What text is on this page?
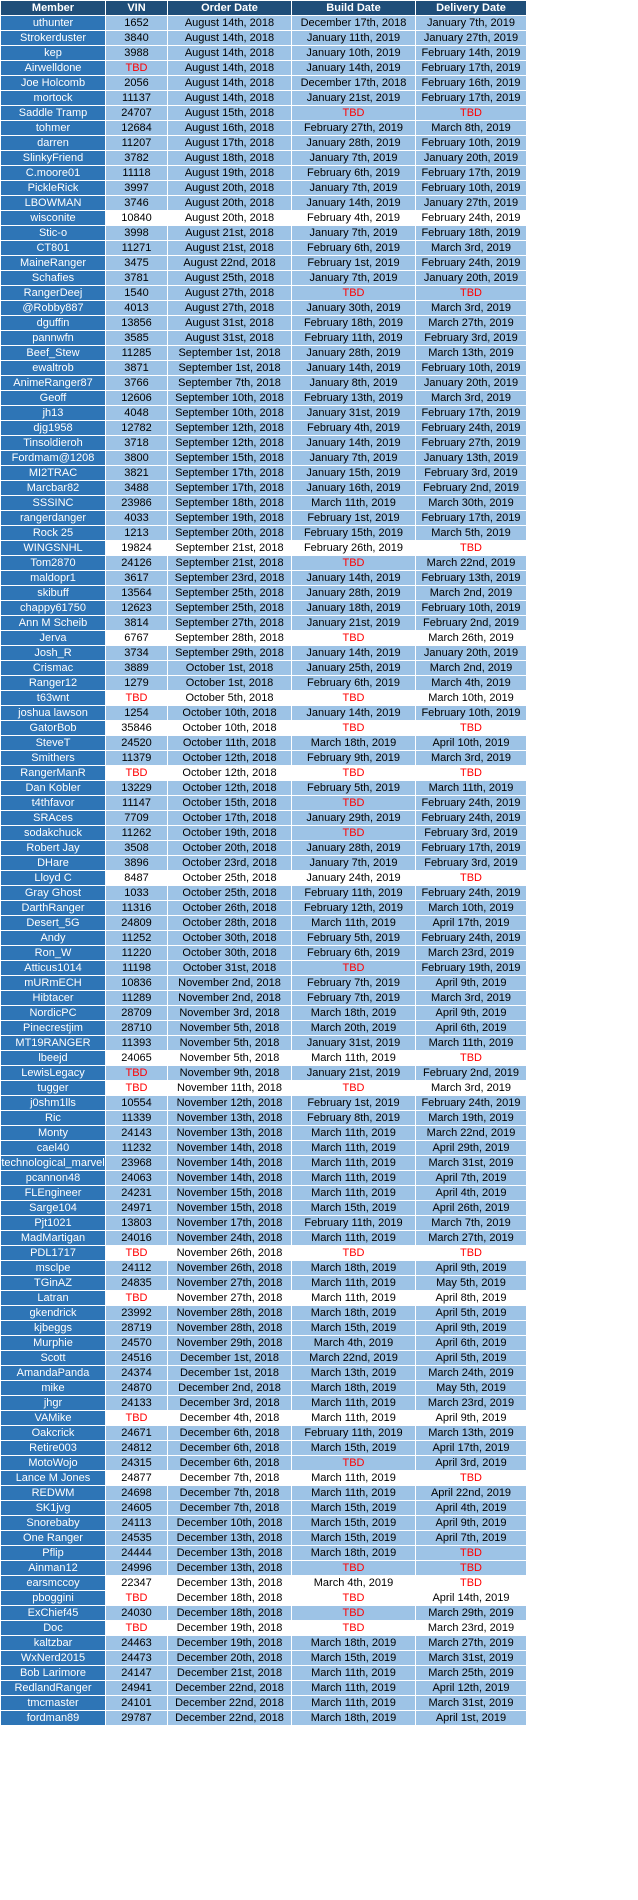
Member	VIN	Order Date	Build Date	Delivery Date
uthunter	1652	August 14th, 2018	December 17th, 2018	January 7th, 2019
Strokerduster	3840	August 14th, 2018	January 11th, 2019	January 27th, 2019
kep	3988	August 14th, 2018	January 10th, 2019	February 14th, 2019
Airwelldone	TBD	August 14th, 2018	January 14th, 2019	February 17th, 2019
Joe Holcomb	2056	August 14th, 2018	December 17th, 2018	February 16th, 2019
mortock	11137	August 14th, 2018	January 21st, 2019	February 17th, 2019
Saddle Tramp	24707	August 15th, 2018	TBD	TBD
tohmer	12684	August 16th, 2018	February 27th, 2019	March 8th, 2019
darren	11207	August 17th, 2018	January 28th, 2019	February 10th, 2019
SlinkyFriend	3782	August 18th, 2018	January 7th, 2019	January 20th, 2019
C.moore01	11118	August 19th, 2018	February 6th, 2019	February 17th, 2019
PickleRick	3997	August 20th, 2018	January 7th, 2019	February 10th, 2019
LBOWMAN	3746	August 20th, 2018	January 14th, 2019	January 27th, 2019
wisconite	10840	August 20th, 2018	February 4th, 2019	February 24th, 2019
Stic-o	3998	August 21st, 2018	January 7th, 2019	February 18th, 2019
CT801	11271	August 21st, 2018	February 6th, 2019	March 3rd, 2019
MaineRanger	3475	August 22nd, 2018	February 1st, 2019	February 24th, 2019
Schafies	3781	August 25th, 2018	January 7th, 2019	January 20th, 2019
RangerDeej	1540	August 27th, 2018	TBD	TBD
@Robby887	4013	August 27th, 2018	January 30th, 2019	March 3rd, 2019
dguffin	13856	August 31st, 2018	February 18th, 2019	March 27th, 2019
pannwfn	3585	August 31st, 2018	February 11th, 2019	February 3rd, 2019
Beef_Stew	11285	September 1st, 2018	January 28th, 2019	March 13th, 2019
ewaltrob	3871	September 1st, 2018	January 14th, 2019	February 10th, 2019
AnimeRanger87	3766	September 7th, 2018	January 8th, 2019	January 20th, 2019
Geoff	12606	September 10th, 2018	February 13th, 2019	March 3rd, 2019
jh13	4048	September 10th, 2018	January 31st, 2019	February 17th, 2019
djg1958	12782	September 12th, 2018	February 4th, 2019	February 24th, 2019
Tinsoldieroh	3718	September 12th, 2018	January 14th, 2019	February 27th, 2019
Fordmam@1208	3800	September 15th, 2018	January 7th, 2019	January 13th, 2019
MI2TRAC	3821	September 17th, 2018	January 15th, 2019	February 3rd, 2019
Marcbar82	3488	September 17th, 2018	January 16th, 2019	February 2nd, 2019
SSSINC	23986	September 18th, 2018	March 11th, 2019	March 30th, 2019
rangerdanger	4033	September 19th, 2018	February 1st, 2019	February 17th, 2019
Rock 25	1213	September 20th, 2018	February 15th, 2019	March 5th, 2019
WINGSNHL	19824	September 21st, 2018	February 26th, 2019	TBD
Tom2870	24126	September 21st, 2018	TBD	March 22nd, 2019
maldopr1	3617	September 23rd, 2018	January 14th, 2019	February 13th, 2019
skibuff	13564	September 25th, 2018	January 28th, 2019	March 2nd, 2019
chappy61750	12623	September 25th, 2018	January 18th, 2019	February 10th, 2019
Ann M Scheib	3814	September 27th, 2018	January 21st, 2019	February 2nd, 2019
Jerva	6767	September 28th, 2018	TBD	March 26th, 2019
Josh_R	3734	September 29th, 2018	January 14th, 2019	January 20th, 2019
Crismac	3889	October 1st, 2018	January 25th, 2019	March 2nd, 2019
Ranger12	1279	October 1st, 2018	February 6th, 2019	March 4th, 2019
t63wnt	TBD	October 5th, 2018	TBD	March 10th, 2019
joshua lawson	1254	October 10th, 2018	January 14th, 2019	February 10th, 2019
GatorBob	35846	October 10th, 2018	TBD	TBD
SteveT	24520	October 11th, 2018	March 18th, 2019	April 10th, 2019
Smithers	11379	October 12th, 2018	February 9th, 2019	March 3rd, 2019
RangerManR	TBD	October 12th, 2018	TBD	TBD
Dan Kobler	13229	October 12th, 2018	February 5th, 2019	March 11th, 2019
t4thfavor	11147	October 15th, 2018	TBD	February 24th, 2019
SRAces	7709	October 17th, 2018	January 29th, 2019	February 24th, 2019
sodakchuck	11262	October 19th, 2018	TBD	February 3rd, 2019
Robert Jay	3508	October 20th, 2018	January 28th, 2019	February 17th, 2019
DHare	3896	October 23rd, 2018	January 7th, 2019	February 3rd, 2019
Lloyd C	8487	October 25th, 2018	January 24th, 2019	TBD
Gray Ghost	1033	October 25th, 2018	February 11th, 2019	February 24th, 2019
DarthRanger	11316	October 26th, 2018	February 12th, 2019	March 10th, 2019
Desert_5G	24809	October 28th, 2018	March 11th, 2019	April 17th, 2019
Andy	11252	October 30th, 2018	February 5th, 2019	February 24th, 2019
Ron_W	11220	October 30th, 2018	February 6th, 2019	March 23rd, 2019
Atticus1014	11198	October 31st, 2018	TBD	February 19th, 2019
mURmECH	10836	November 2nd, 2018	February 7th, 2019	April 9th, 2019
Hibtacer	11289	November 2nd, 2018	February 7th, 2019	March 3rd, 2019
NordicPC	28709	November 3rd, 2018	March 18th, 2019	April 9th, 2019
Pinecrestjim	28710	November 5th, 2018	March 20th, 2019	April 6th, 2019
MT19RANGER	11393	November 5th, 2018	January 31st, 2019	March 11th, 2019
lbeejd	24065	November 5th, 2018	March 11th, 2019	TBD
LewisLegacy	TBD	November 9th, 2018	January 21st, 2019	February 2nd, 2019
tugger	TBD	November 11th, 2018	TBD	March 3rd, 2019
j0shm1lls	10554	November 12th, 2018	February 1st, 2019	February 24th, 2019
Ric	11339	November 13th, 2018	February 8th, 2019	March 19th, 2019
Monty	24143	November 13th, 2018	March 11th, 2019	March 22nd, 2019
cael40	11232	November 14th, 2018	March 11th, 2019	April 29th, 2019
technological_marvel	23968	November 14th, 2018	March 11th, 2019	March 31st, 2019
pcannon48	24063	November 14th, 2018	March 11th, 2019	April 7th, 2019
FLEngineer	24231	November 15th, 2018	March 11th, 2019	April 4th, 2019
Sarge104	24971	November 15th, 2018	March 15th, 2019	April 26th, 2019
Pjt1021	13803	November 17th, 2018	February 11th, 2019	March 7th, 2019
MadMartigan	24016	November 24th, 2018	March 11th, 2019	March 27th, 2019
PDL1717	TBD	November 26th, 2018	TBD	TBD
msclpe	24112	November 26th, 2018	March 18th, 2019	April 9th, 2019
TGinAZ	24835	November 27th, 2018	March 11th, 2019	May 5th, 2019
Latran	TBD	November 27th, 2018	March 11th, 2019	April 8th, 2019
gkendrick	23992	November 28th, 2018	March 18th, 2019	April 5th, 2019
kjbeggs	28719	November 28th, 2018	March 15th, 2019	April 9th, 2019
Murphie	24570	November 29th, 2018	March 4th, 2019	April 6th, 2019
Scott	24516	December 1st, 2018	March 22nd, 2019	April 5th, 2019
AmandaPanda	24374	December 1st, 2018	March 13th, 2019	March 24th, 2019
mike	24870	December 2nd, 2018	March 18th, 2019	May 5th, 2019
jhgr	24133	December 3rd, 2018	March 11th, 2019	March 23rd, 2019
VAMike	TBD	December 4th, 2018	March 11th, 2019	April 9th, 2019
Oakcrick	24671	December 6th, 2018	February 11th, 2019	March 13th, 2019
Retire003	24812	December 6th, 2018	March 15th, 2019	April 17th, 2019
MotoWojo	24315	December 6th, 2018	TBD	April 3rd, 2019
Lance M Jones	24877	December 7th, 2018	March 11th, 2019	TBD
REDWM	24698	December 7th, 2018	March 11th, 2019	April 22nd, 2019
SK1jvg	24605	December 7th, 2018	March 15th, 2019	April 4th, 2019
Snorebaby	24113	December 10th, 2018	March 15th, 2019	April 9th, 2019
One Ranger	24535	December 13th, 2018	March 15th, 2019	April 7th, 2019
Pflip	24444	December 13th, 2018	March 18th, 2019	TBD
Ainman12	24996	December 13th, 2018	TBD	TBD
earsmccoy	22347	December 13th, 2018	March 4th, 2019	TBD
pboggini	TBD	December 18th, 2018	TBD	April 14th, 2019
ExChief45	24030	December 18th, 2018	TBD	March 29th, 2019
Doc	TBD	December 19th, 2018	TBD	March 23rd, 2019
kaltzbar	24463	December 19th, 2018	March 18th, 2019	March 27th, 2019
WxNerd2015	24473	December 20th, 2018	March 15th, 2019	March 31st, 2019
Bob Larimore	24147	December 21st, 2018	March 11th, 2019	March 25th, 2019
RedlandRanger	24941	December 22nd, 2018	March 11th, 2019	April 12th, 2019
tmcmaster	24101	December 22nd, 2018	March 11th, 2019	March 31st, 2019
fordman89	29787	December 22nd, 2018	March 18th, 2019	April 1st, 2019
